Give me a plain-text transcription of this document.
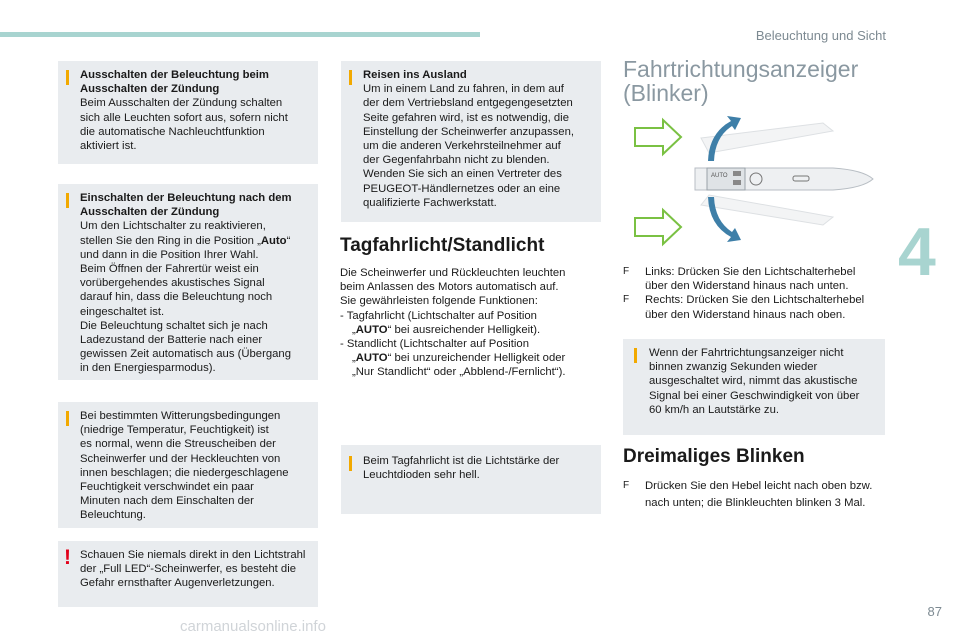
Beleuchtung und Sicht
4

Ausschalten der Beleuchtung beim

Ausschalten der Zündung

Beim Ausschalten der Zündung schalten

sich alle Leuchten sofort aus, sofern nicht

die automatische Nachleuchtfunktion

aktiviert ist.

Einschalten der Beleuchtung nach dem

Ausschalten der Zündung

Um den Lichtschalter zu reaktivieren,

stellen Sie den Ring in die Position „Auto“

und dann in die Position Ihrer Wahl.

Beim Öffnen der Fahrertür weist ein

vorübergehendes akustisches Signal

darauf hin, dass die Beleuchtung noch

eingeschaltet ist.

Die Beleuchtung schaltet sich je nach

Ladezustand der Batterie nach einer

gewissen Zeit automatisch aus (Übergang

in den Energiesparmodus).

Bei bestimmten Witterungsbedingungen

(niedrige Temperatur, Feuchtigkeit) ist

es normal, wenn die Streuscheiben der

Scheinwerfer und der Heckleuchten von

innen beschlagen; die niedergeschlagene

Feuchtigkeit verschwindet ein paar

Minuten nach dem Einschalten der

Beleuchtung.

! Schauen Sie niemals direkt in den Lichtstrahl

der „Full LED“-Scheinwerfer, es besteht die

Gefahr ernsthafter Augenverletzungen.

Reisen ins Ausland

Um in einem Land zu fahren, in dem auf

der dem Vertriebsland entgegengesetzten

Seite gefahren wird, ist es notwendig, die

Einstellung der Scheinwerfer anzupassen,

um die anderen Verkehrsteilnehmer auf

der Gegenfahrbahn nicht zu blenden.

Wenden Sie sich an einen Vertreter des

PEUGEOT-Händlernetzes oder an eine

qualifizierte Fachwerkstatt.

Tagfahrlicht/Standlicht

Die Scheinwerfer und Rückleuchten leuchten

beim Anlassen des Motors automatisch auf.

Sie gewährleisten folgende Funktionen:

- Tagfahrlicht (Lichtschalter auf Position

„AUTO“ bei ausreichender Helligkeit).

- Standlicht (Lichtschalter auf Position

„AUTO“ bei unzureichender Helligkeit oder

„Nur Standlicht“ oder „Abblend-/Fernlicht“).

Beim Tagfahrlicht ist die Lichtstärke der

Leuchtdioden sehr hell.

Fahrtrichtungsanzeiger
(Blinker)
AUTO
F Links: Drücken Sie den Lichtschalterhebel

über den Widerstand hinaus nach unten.

F Rechts: Drücken Sie den Lichtschalterhebel

über den Widerstand hinaus nach oben.

Wenn der Fahrtrichtungsanzeiger nicht

binnen zwanzig Sekunden wieder

ausgeschaltet wird, nimmt das akustische

Signal bei einer Geschwindigkeit von über

60 km/h an Lautstärke zu.

Dreimaliges Blinken
F Drücken Sie den Hebel leicht nach oben bzw.

nach unten; die Blinkleuchten blinken 3 Mal.

87
carmanualsonline.info
